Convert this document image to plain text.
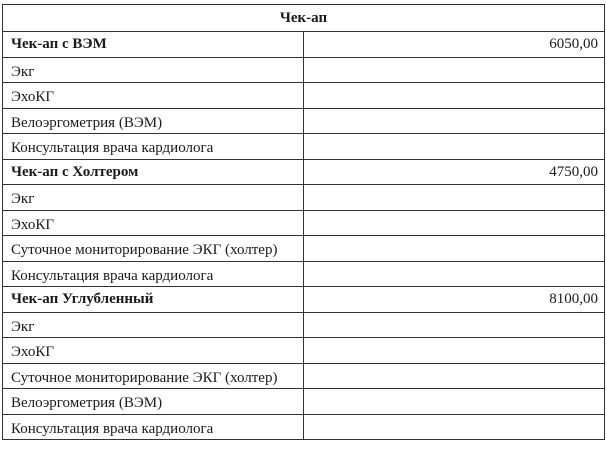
Чек-ап	
Чек-ап с ВЭМ	6050,00
Экг	
ЭхоКГ	
Велоэргометрия (ВЭМ)	
Консультация врача кардиолога	
Чек-ап с Холтером	4750,00
Экг	
ЭхоКГ	
Суточное мониторирование ЭКГ (холтер)	
Консультация врача кардиолога	
Чек-ап Углубленный	8100,00
Экг	
ЭхоКГ	
Суточное мониторирование ЭКГ (холтер)	
Велоэргометрия (ВЭМ)	
Консультация врача кардиолога	
